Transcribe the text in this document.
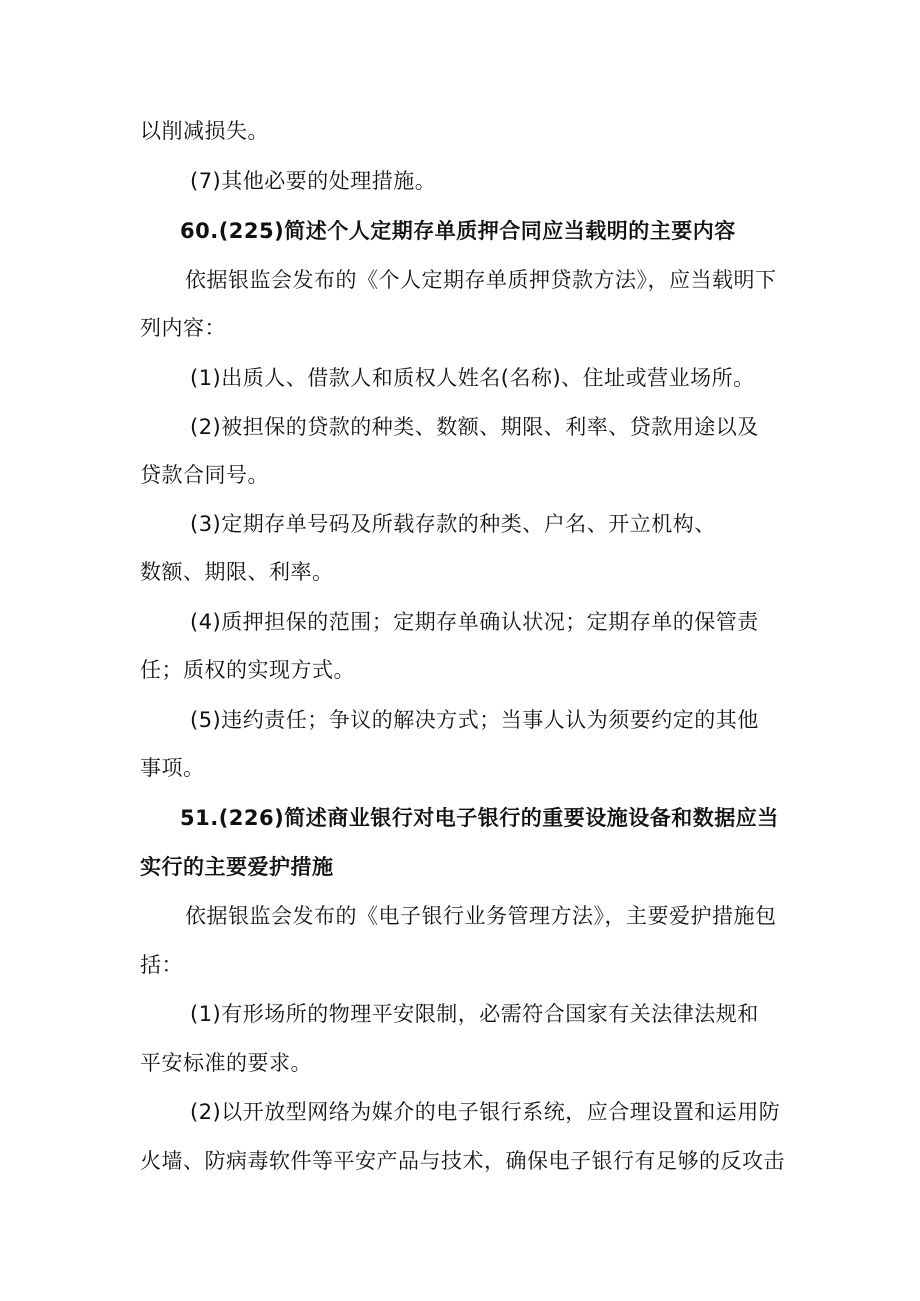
以削减损失。
(7)其他必要的处理措施。
60.(225)简述个人定期存单质押合同应当载明的主要内容
依据银监会发布的《个人定期存单质押贷款方法》，应当载明下
列内容：
(1)出质人、借款人和质权人姓名(名称)、住址或营业场所。
(2)被担保的贷款的种类、数额、期限、利率、贷款用途以及
贷款合同号。
(3)定期存单号码及所载存款的种类、户名、开立机构、
数额、期限、利率。
(4)质押担保的范围；定期存单确认状况；定期存单的保管责
任；质权的实现方式。
(5)违约责任；争议的解决方式；当事人认为须要约定的其他
事项。
51.(226)简述商业银行对电子银行的重要设施设备和数据应当
实行的主要爱护措施
依据银监会发布的《电子银行业务管理方法》，主要爱护措施包
括：
(1)有形场所的物理平安限制，必需符合国家有关法律法规和
平安标准的要求。
(2)以开放型网络为媒介的电子银行系统，应合理设置和运用防
火墙、防病毒软件等平安产品与技术，确保电子银行有足够的反攻击
